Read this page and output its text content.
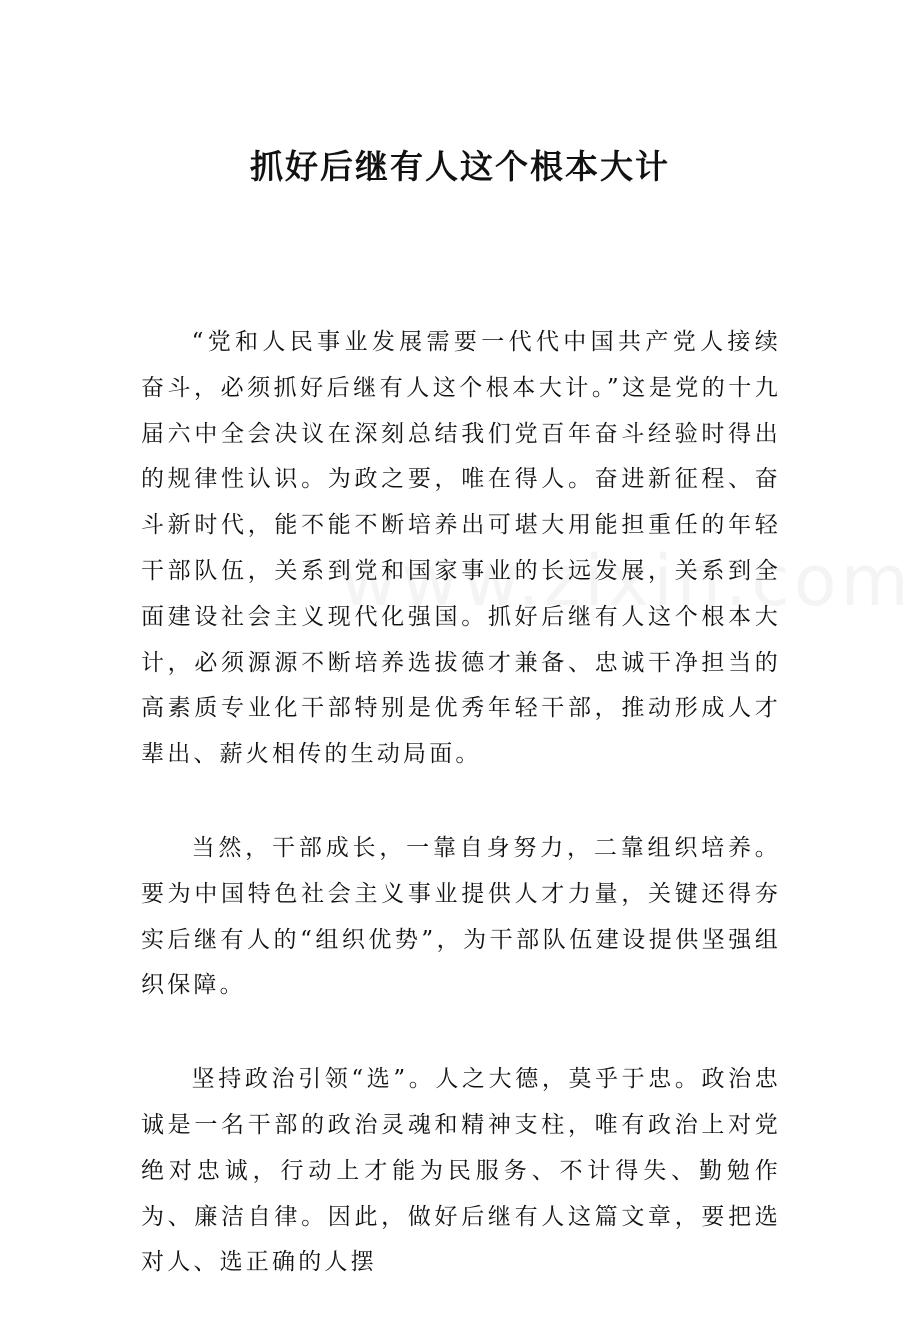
抓好后继有人这个根本大计

“党和人民事业发展需要一代代中国共产党人接续奋斗，必须抓好后继有人这个根本大计。”这是党的十九届六中全会决议在深刻总结我们党百年奋斗经验时得出的规律性认识。为政之要，唯在得人。奋进新征程、奋斗新时代，能不能不断培养出可堪大用能担重任的年轻干部队伍，关系到党和国家事业的长远发展，关系到全面建设社会主义现代化强国。抓好后继有人这个根本大计，必须源源不断培养选拔德才兼备、忠诚干净担当的高素质专业化干部特别是优秀年轻干部，推动形成人才辈出、薪火相传的生动局面。

当然，干部成长，一靠自身努力，二靠组织培养。要为中国特色社会主义事业提供人才力量，关键还得夯实后继有人的“组织优势”，为干部队伍建设提供坚强组织保障。

坚持政治引领“选”。人之大德，莫乎于忠。政治忠诚是一名干部的政治灵魂和精神支柱，唯有政治上对党绝对忠诚，行动上才能为民服务、不计得失、勤勉作为、廉洁自律。因此，做好后继有人这篇文章，要把选对人、选正确的人摆
